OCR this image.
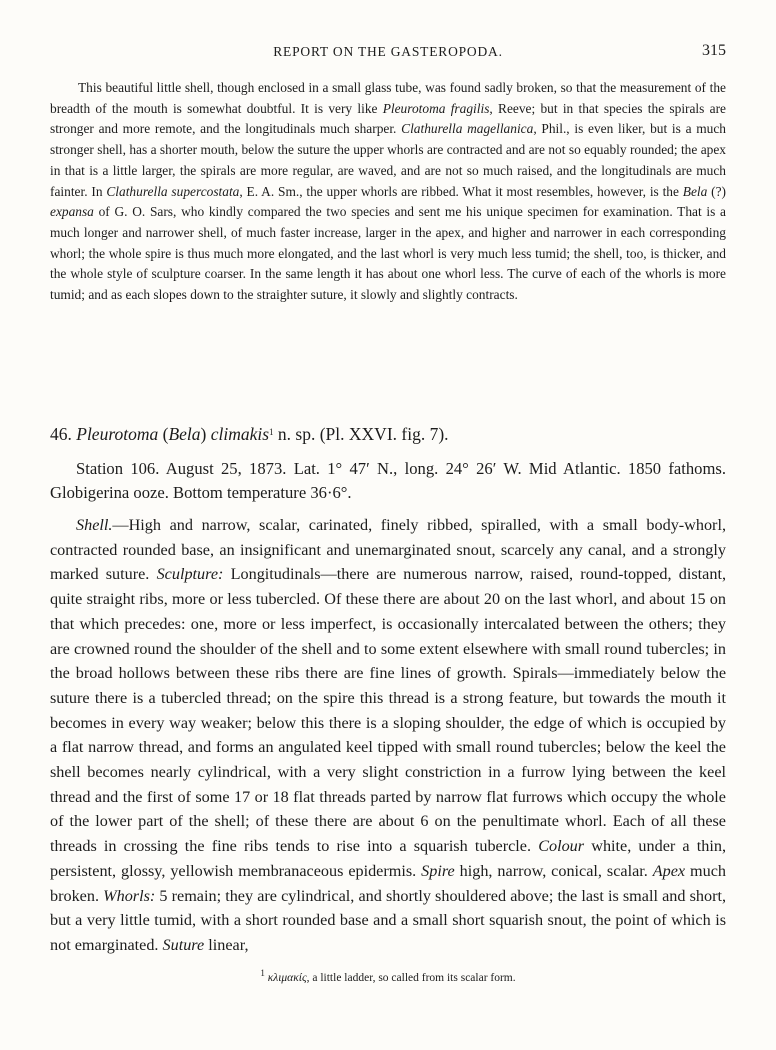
REPORT ON THE GASTEROPODA.	315

This beautiful little shell, though enclosed in a small glass tube, was found sadly broken, so that the measurement of the breadth of the mouth is somewhat doubtful. It is very like Pleurotoma fragilis, Reeve; but in that species the spirals are stronger and more remote, and the longitudinals much sharper. Clathurella magellanica, Phil., is even liker, but is a much stronger shell, has a shorter mouth, below the suture the upper whorls are contracted and are not so equably rounded; the apex in that is a little larger, the spirals are more regular, are waved, and are not so much raised, and the longitudinals are much fainter. In Clathurella supercostata, E. A. Sm., the upper whorls are ribbed. What it most resembles, however, is the Bela (?) expansa of G. O. Sars, who kindly compared the two species and sent me his unique specimen for examination. That is a much longer and narrower shell, of much faster increase, larger in the apex, and higher and narrower in each corresponding whorl; the whole spire is thus much more elongated, and the last whorl is very much less tumid; the shell, too, is thicker, and the whole style of sculpture coarser. In the same length it has about one whorl less. The curve of each of the whorls is more tumid; and as each slopes down to the straighter suture, it slowly and slightly contracts.

46. Pleurotoma (Bela) climakis$^1$ n. sp. (Pl. XXVI. fig. 7).

Station 106. August 25, 1873. Lat. 1° 47′ N., long. 24° 26′ W. Mid Atlantic. 1850 fathoms. Globigerina ooze. Bottom temperature 36·6°.

Shell.—High and narrow, scalar, carinated, finely ribbed, spiralled, with a small body-whorl, contracted rounded base, an insignificant and unemarginated snout, scarcely any canal, and a strongly marked suture. Sculpture: Longitudinals—there are numerous narrow, raised, round-topped, distant, quite straight ribs, more or less tubercled. Of these there are about 20 on the last whorl, and about 15 on that which precedes: one, more or less imperfect, is occasionally intercalated between the others; they are crowned round the shoulder of the shell and to some extent elsewhere with small round tubercles; in the broad hollows between these ribs there are fine lines of growth. Spirals—immediately below the suture there is a tubercled thread; on the spire this thread is a strong feature, but towards the mouth it becomes in every way weaker; below this there is a sloping shoulder, the edge of which is occupied by a flat narrow thread, and forms an angulated keel tipped with small round tubercles; below the keel the shell becomes nearly cylindrical, with a very slight constriction in a furrow lying between the keel thread and the first of some 17 or 18 flat threads parted by narrow flat furrows which occupy the whole of the lower part of the shell; of these there are about 6 on the penultimate whorl. Each of all these threads in crossing the fine ribs tends to rise into a squarish tubercle. Colour white, under a thin, persistent, glossy, yellowish membranaceous epidermis. Spire high, narrow, conical, scalar. Apex much broken. Whorls: 5 remain; they are cylindrical, and shortly shouldered above; the last is small and short, but a very little tumid, with a short rounded base and a small short squarish snout, the point of which is not emarginated. Suture linear,

$^1$ κλιμακίς, a little ladder, so called from its scalar form.
